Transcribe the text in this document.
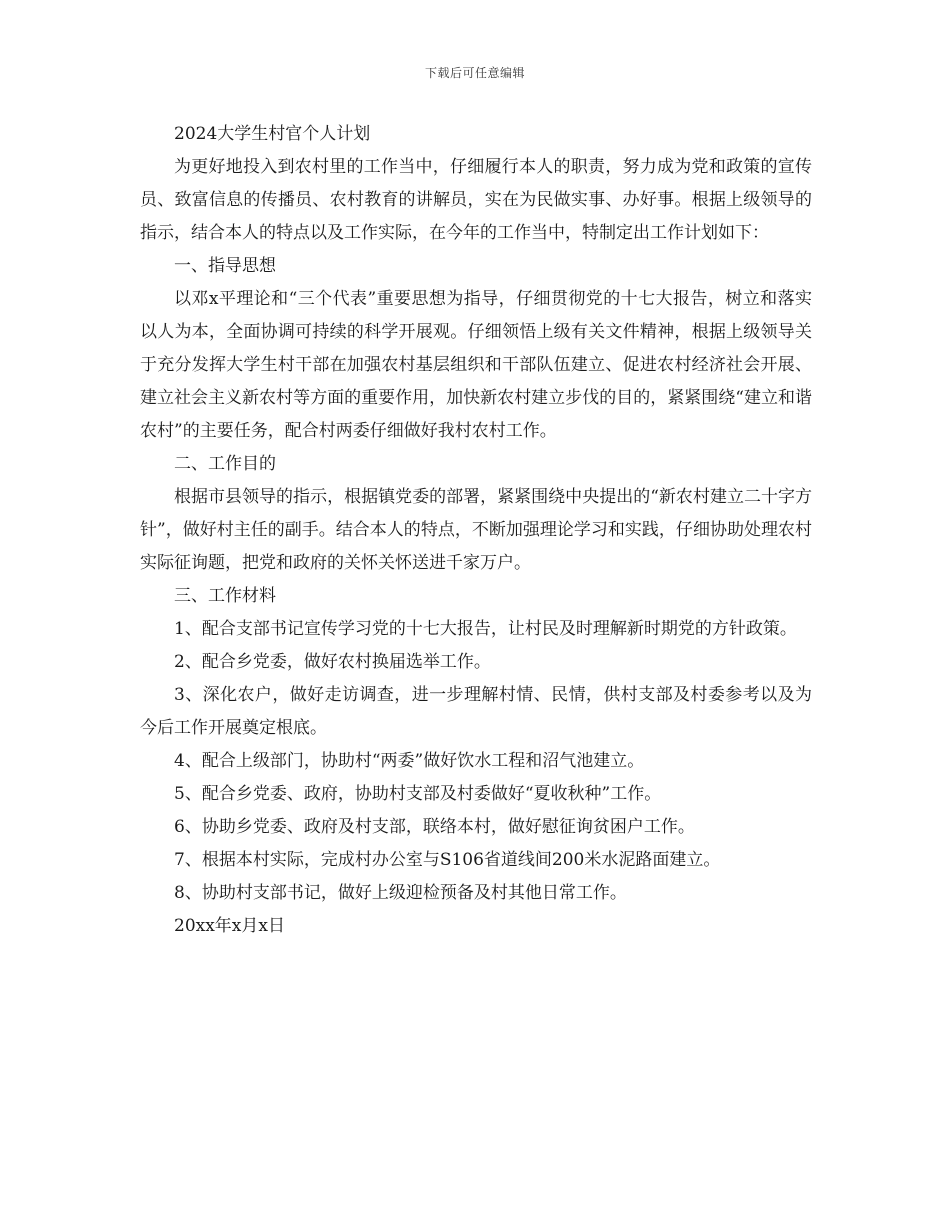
下载后可任意编辑

2024大学生村官个人计划

为更好地投入到农村里的工作当中，仔细履行本人的职责，努力成为党和政策的宣传员、致富信息的传播员、农村教育的讲解员，实在为民做实事、办好事。根据上级领导的指示，结合本人的特点以及工作实际，在今年的工作当中，特制定出工作计划如下：

一、指导思想

以邓x平理论和“三个代表”重要思想为指导，仔细贯彻党的十七大报告，树立和落实以人为本，全面协调可持续的科学开展观。仔细领悟上级有关文件精神，根据上级领导关于充分发挥大学生村干部在加强农村基层组织和干部队伍建立、促进农村经济社会开展、建立社会主义新农村等方面的重要作用，加快新农村建立步伐的目的，紧紧围绕“建立和谐农村”的主要任务，配合村两委仔细做好我村农村工作。

二、工作目的

根据市县领导的指示，根据镇党委的部署，紧紧围绕中央提出的“新农村建立二十字方针”，做好村主任的副手。结合本人的特点，不断加强理论学习和实践，仔细协助处理农村实际征询题，把党和政府的关怀关怀送进千家万户。

三、工作材料

1、配合支部书记宣传学习党的十七大报告，让村民及时理解新时期党的方针政策。

2、配合乡党委，做好农村换届选举工作。

3、深化农户，做好走访调查，进一步理解村情、民情，供村支部及村委参考以及为今后工作开展奠定根底。

4、配合上级部门，协助村“两委”做好饮水工程和沼气池建立。

5、配合乡党委、政府，协助村支部及村委做好“夏收秋种”工作。

6、协助乡党委、政府及村支部，联络本村，做好慰征询贫困户工作。

7、根据本村实际，完成村办公室与S106省道线间200米水泥路面建立。

8、协助村支部书记，做好上级迎检预备及村其他日常工作。

20xx年x月x日
